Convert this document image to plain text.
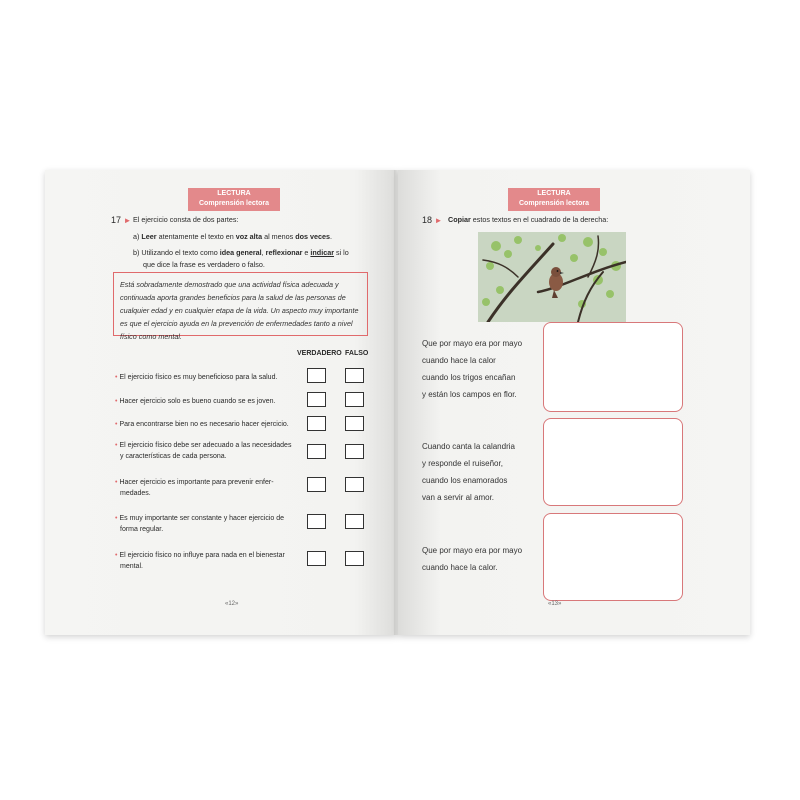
LECTURA
Comprensión lectora
17 ► El ejercicio consta de dos partes:
a) Leer atentamente el texto en voz alta al menos dos veces.
b) Utilizando el texto como idea general, reflexionar e indicar si lo
que dice la frase es verdadero o falso.
Está sobradamente demostrado que una actividad física adecuada y continuada aporta grandes beneficios para la salud de las personas de cualquier edad y en cualquier etapa de la vida. Un aspecto muy importante es que el ejercicio ayuda en la prevención de enfermedades tanto a nivel físico como mental.
VERDADERO FALSO
• El ejercicio físico es muy beneficioso para la salud.
• Hacer ejercicio solo es bueno cuando se es joven.
• Para encontrarse bien no es necesario hacer ejercicio.
• El ejercicio físico debe ser adecuado a las necesidades
y características de cada persona.
• Hacer ejercicio es importante para prevenir enfer-
medades.
• Es muy importante ser constante y hacer ejercicio de
forma regular.
• El ejercicio físico no influye para nada en el bienestar
mental.
«12»
LECTURA
Comprensión lectora
18 ► Copiar estos textos en el cuadrado de la derecha:
Que por mayo era por mayo
cuando hace la calor
cuando los trigos encañan
y están los campos en flor.
Cuando canta la calandria
y responde el ruiseñor,
cuando los enamorados
van a servir al amor.
Que por mayo era por mayo
cuando hace la calor.
«13»
